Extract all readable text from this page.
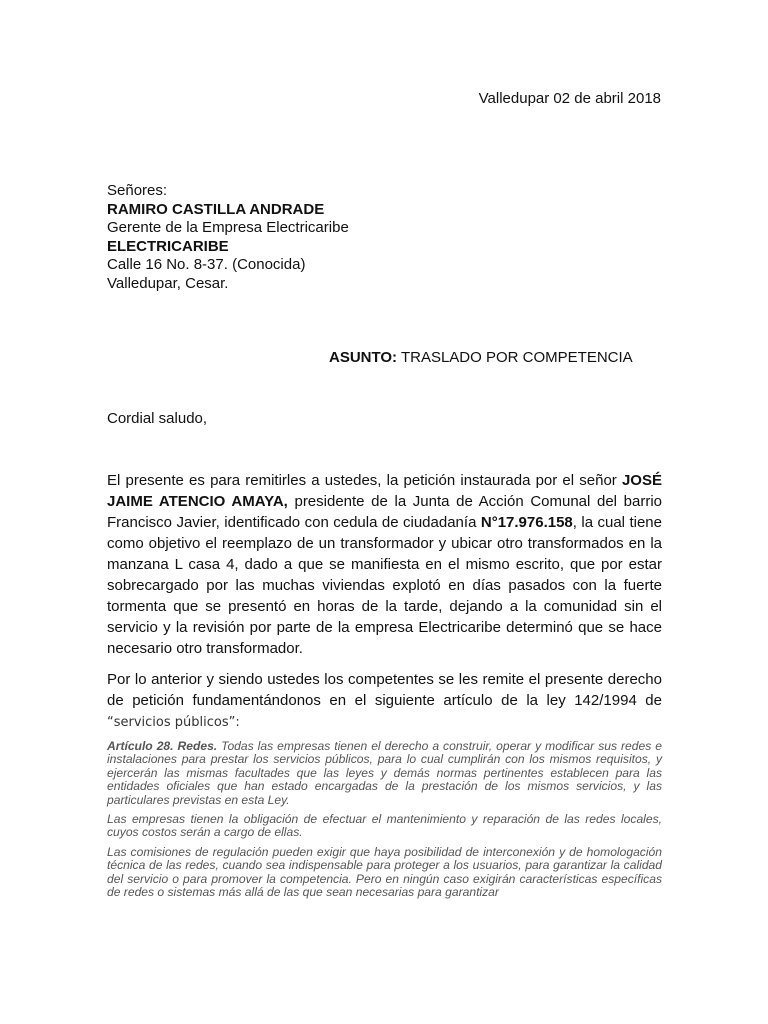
Valledupar 02 de abril 2018
Señores:
RAMIRO CASTILLA ANDRADE
Gerente de la Empresa Electricaribe
ELECTRICARIBE
Calle 16 No. 8-37. (Conocida)
Valledupar, Cesar.
ASUNTO: TRASLADO POR COMPETENCIA
Cordial saludo,

El presente es para remitirles a ustedes, la petición instaurada por el señor JOSÉ JAIME ATENCIO AMAYA, presidente de la Junta de Acción Comunal del barrio Francisco Javier, identificado con cedula de ciudadanía N°17.976.158, la cual tiene como objetivo el reemplazo de un transformador y ubicar otro transformados en la manzana L casa 4, dado a que se manifiesta en el mismo escrito, que por estar sobrecargado por las muchas viviendas explotó en días pasados con la fuerte tormenta que se presentó en horas de la tarde, dejando a la comunidad sin el servicio y la revisión por parte de la empresa Electricaribe determinó que se hace necesario otro transformador.

Por lo anterior y siendo ustedes los competentes se les remite el presente derecho de petición fundamentándonos en el siguiente artículo de la ley 142/1994 de “servicios públicos”:

Artículo 28. Redes. Todas las empresas tienen el derecho a construir, operar y modificar sus redes e instalaciones para prestar los servicios públicos, para lo cual cumplirán con los mismos requisitos, y ejercerán las mismas facultades que las leyes y demás normas pertinentes establecen para las entidades oficiales que han estado encargadas de la prestación de los mismos servicios, y las particulares previstas en esta Ley.

Las empresas tienen la obligación de efectuar el mantenimiento y reparación de las redes locales, cuyos costos serán a cargo de ellas.

Las comisiones de regulación pueden exigir que haya posibilidad de interconexión y de homologación técnica de las redes, cuando sea indispensable para proteger a los usuarios, para garantizar la calidad del servicio o para promover la competencia. Pero en ningún caso exigirán características específicas de redes o sistemas más allá de las que sean necesarias para garantizar
